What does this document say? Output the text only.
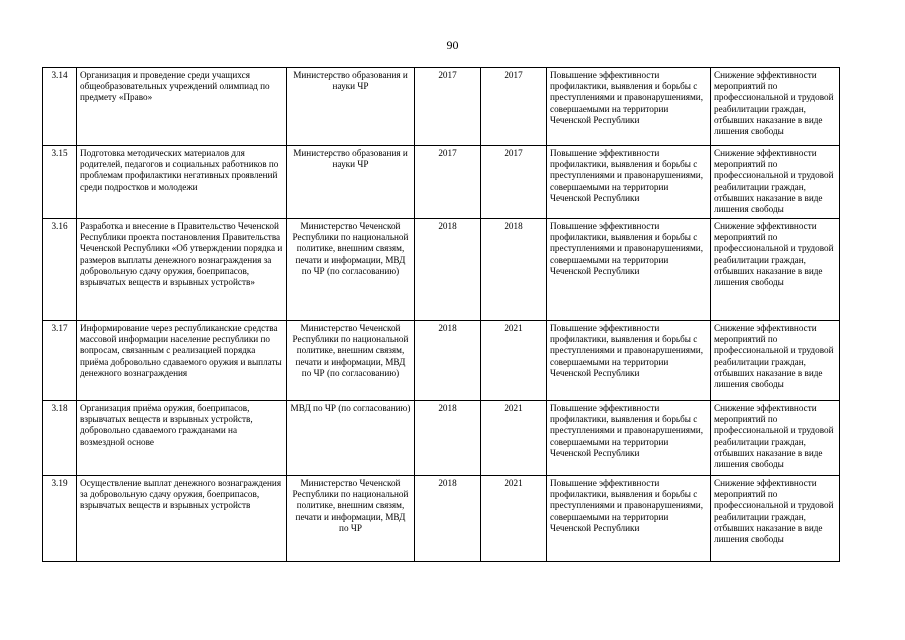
90
3.14	Организация и проведение среди учащихся общеобразовательных учреждений олимпиад по предмету «Право»	Министерство образования и науки ЧР	2017	2017	Повышение эффективности профилактики, выявления и борьбы с преступлениями и правонарушениями, совершаемыми на территории Чеченской Республики	Снижение эффективности мероприятий по профессиональной и трудовой реабилитации граждан, отбывших наказание в виде лишения свободы
3.15	Подготовка методических материалов для родителей, педагогов и социальных работников по проблемам профилактики негативных проявлений среди подростков и молодежи	Министерство образования и науки ЧР	2017	2017	Повышение эффективности профилактики, выявления и борьбы с преступлениями и правонарушениями, совершаемыми на территории Чеченской Республики	Снижение эффективности мероприятий по профессиональной и трудовой реабилитации граждан, отбывших наказание в виде лишения свободы
3.16	Разработка и внесение в Правительство Чеченской Республики проекта постановления Правительства Чеченской Республики «Об утверждении порядка и размеров выплаты денежного вознаграждения за добровольную сдачу оружия, боеприпасов, взрывчатых веществ и взрывных устройств»	Министерство Чеченской Республики по национальной политике, внешним связям, печати и информации, МВД по ЧР (по согласованию)	2018	2018	Повышение эффективности профилактики, выявления и борьбы с преступлениями и правонарушениями, совершаемыми на территории Чеченской Республики	Снижение эффективности мероприятий по профессиональной и трудовой реабилитации граждан, отбывших наказание в виде лишения свободы
3.17	Информирование через республиканские средства массовой информации население республики по вопросам, связанным с реализацией порядка приёма добровольно сдаваемого оружия и выплаты денежного вознаграждения	Министерство Чеченской Республики по национальной политике, внешним связям, печати и информации, МВД по ЧР (по согласованию)	2018	2021	Повышение эффективности профилактики, выявления и борьбы с преступлениями и правонарушениями, совершаемыми на территории Чеченской Республики	Снижение эффективности мероприятий по профессиональной и трудовой реабилитации граждан, отбывших наказание в виде лишения свободы
3.18	Организация приёма оружия, боеприпасов, взрывчатых веществ и взрывных устройств, добровольно сдаваемого гражданами на возмездной основе	МВД по ЧР (по согласованию)	2018	2021	Повышение эффективности профилактики, выявления и борьбы с преступлениями и правонарушениями, совершаемыми на территории Чеченской Республики	Снижение эффективности мероприятий по профессиональной и трудовой реабилитации граждан, отбывших наказание в виде лишения свободы
3.19	Осуществление выплат денежного вознаграждения за добровольную сдачу оружия, боеприпасов, взрывчатых веществ и взрывных устройств	Министерство Чеченской Республики по национальной политике, внешним связям, печати и информации, МВД по ЧР	2018	2021	Повышение эффективности профилактики, выявления и борьбы с преступлениями и правонарушениями, совершаемыми на территории Чеченской Республики	Снижение эффективности мероприятий по профессиональной и трудовой реабилитации граждан, отбывших наказание в виде лишения свободы
